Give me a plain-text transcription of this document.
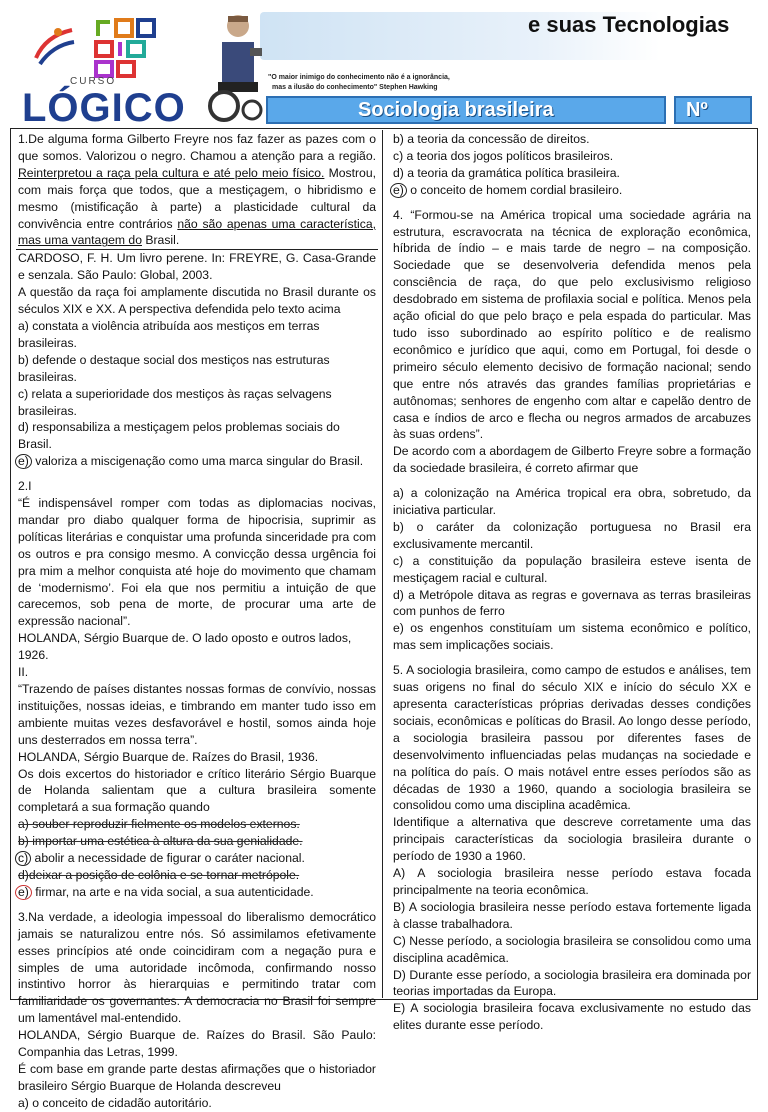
e suas Tecnologias
CURSO
LÓGICO
"O maior inimigo do conhecimento não é a ignorância,
mas a ilusão do conhecimento" Stephen Hawking
Sociologia brasileira	Nº

1.De alguma forma Gilberto Freyre nos faz fazer as pazes com o que somos. Valorizou o negro. Chamou a atenção para a região. Reinterpretou a raça pela cultura e até pelo meio físico. Mostrou, com mais força que todos, que a mestiçagem, o hibridismo e mesmo (mistificação à parte) a plasticidade cultural da convivência entre contrários não são apenas uma característica, mas uma vantagem do Brasil.

CARDOSO, F. H. Um livro perene. In: FREYRE, G. Casa-Grande e senzala. São Paulo: Global, 2003.

A questão da raça foi amplamente discutida no Brasil durante os séculos XIX e XX. A perspectiva defendida pelo texto acima

a) constata a violência atribuída aos mestiços em terras brasileiras.

b) defende o destaque social dos mestiços nas estruturas brasileiras.

c) relata a superioridade dos mestiços às raças selvagens brasileiras.

d) responsabiliza a mestiçagem pelos problemas sociais do Brasil.

e) valoriza a miscigenação como uma marca singular do Brasil.

2.I

“É indispensável romper com todas as diplomacias nocivas, mandar pro diabo qualquer forma de hipocrisia, suprimir as políticas literárias e conquistar uma profunda sinceridade pra com os outros e pra consigo mesmo. A convicção dessa urgência foi pra mim a melhor conquista até hoje do movimento que chamam de ‘modernismo’. Foi ela que nos permitiu a intuição de que carecemos, sob pena de morte, de procurar uma arte de expressão nacional”.

HOLANDA, Sérgio Buarque de. O lado oposto e outros lados, 1926.

II.

“Trazendo de países distantes nossas formas de convívio, nossas instituições, nossas ideias, e timbrando em manter tudo isso em ambiente muitas vezes desfavorável e hostil, somos ainda hoje uns desterrados em nossa terra”.

HOLANDA, Sérgio Buarque de. Raízes do Brasil, 1936.

Os dois excertos do historiador e crítico literário Sérgio Buarque de Holanda salientam que a cultura brasileira somente completará a sua formação quando

a) souber reproduzir fielmente os modelos externos.

b) importar uma estética à altura da sua genialidade.

c) abolir a necessidade de figurar o caráter nacional.

d)deixar a posição de colônia e se tornar metrópole.

e) firmar, na arte e na vida social, a sua autenticidade.

3.Na verdade, a ideologia impessoal do liberalismo democrático jamais se naturalizou entre nós. Só assimilamos efetivamente esses princípios até onde coincidiram com a negação pura e simples de uma autoridade incômoda, confirmando nosso instintivo horror às hierarquias e permitindo tratar com familiaridade os governantes. A democracia no Brasil foi sempre um lamentável mal-entendido.

HOLANDA, Sérgio Buarque de. Raízes do Brasil. São Paulo: Companhia das Letras, 1999.

É com base em grande parte destas afirmações que o historiador brasileiro Sérgio Buarque de Holanda descreveu

a) o conceito de cidadão autoritário.

b) a teoria da concessão de direitos.

c) a teoria dos jogos políticos brasileiros.

d) a teoria da gramática política brasileira.

e) o conceito de homem cordial brasileiro.

4. “Formou-se na América tropical uma sociedade agrária na estrutura, escravocrata na técnica de exploração econômica, híbrida de índio – e mais tarde de negro – na composição. Sociedade que se desenvolveria defendida menos pela consciência de raça, do que pelo exclusivismo religioso desdobrado em sistema de profilaxia social e política. Menos pela ação oficial do que pelo braço e pela espada do particular. Mas tudo isso subordinado ao espírito político e de realismo econômico e jurídico que aqui, como em Portugal, foi desde o primeiro século elemento decisivo de formação nacional; sendo que entre nós através das grandes famílias proprietárias e autônomas; senhores de engenho com altar e capelão dentro de casa e índios de arco e flecha ou negros armados de arcabuzes às suas ordens”.

De acordo com a abordagem de Gilberto Freyre sobre a formação da sociedade brasileira, é correto afirmar que

a) a colonização na América tropical era obra, sobretudo, da iniciativa particular.

b) o caráter da colonização portuguesa no Brasil era exclusivamente mercantil.

c) a constituição da população brasileira esteve isenta de mestiçagem racial e cultural.

d) a Metrópole ditava as regras e governava as terras brasileiras com punhos de ferro

e) os engenhos constituíam um sistema econômico e político, mas sem implicações sociais.

5. A sociologia brasileira, como campo de estudos e análises, tem suas origens no final do século XIX e início do século XX e apresenta características próprias derivadas desses condições sociais, econômicas e políticas do Brasil. Ao longo desse período, a sociologia brasileira passou por diferentes fases de desenvolvimento influenciadas pelas mudanças na sociedade e na política do país. O mais notável entre esses períodos são as décadas de 1930 a 1960, quando a sociologia brasileira se consolidou como uma disciplina acadêmica.

Identifique a alternativa que descreve corretamente uma das principais características da sociologia brasileira durante o período de 1930 a 1960.

A) A sociologia brasileira nesse período estava focada principalmente na teoria econômica.

B) A sociologia brasileira nesse período estava fortemente ligada à classe trabalhadora.

C) Nesse período, a sociologia brasileira se consolidou como uma disciplina acadêmica.

D) Durante esse período, a sociologia brasileira era dominada por teorias importadas da Europa.

E) A sociologia brasileira focava exclusivamente no estudo das elites durante esse período.
